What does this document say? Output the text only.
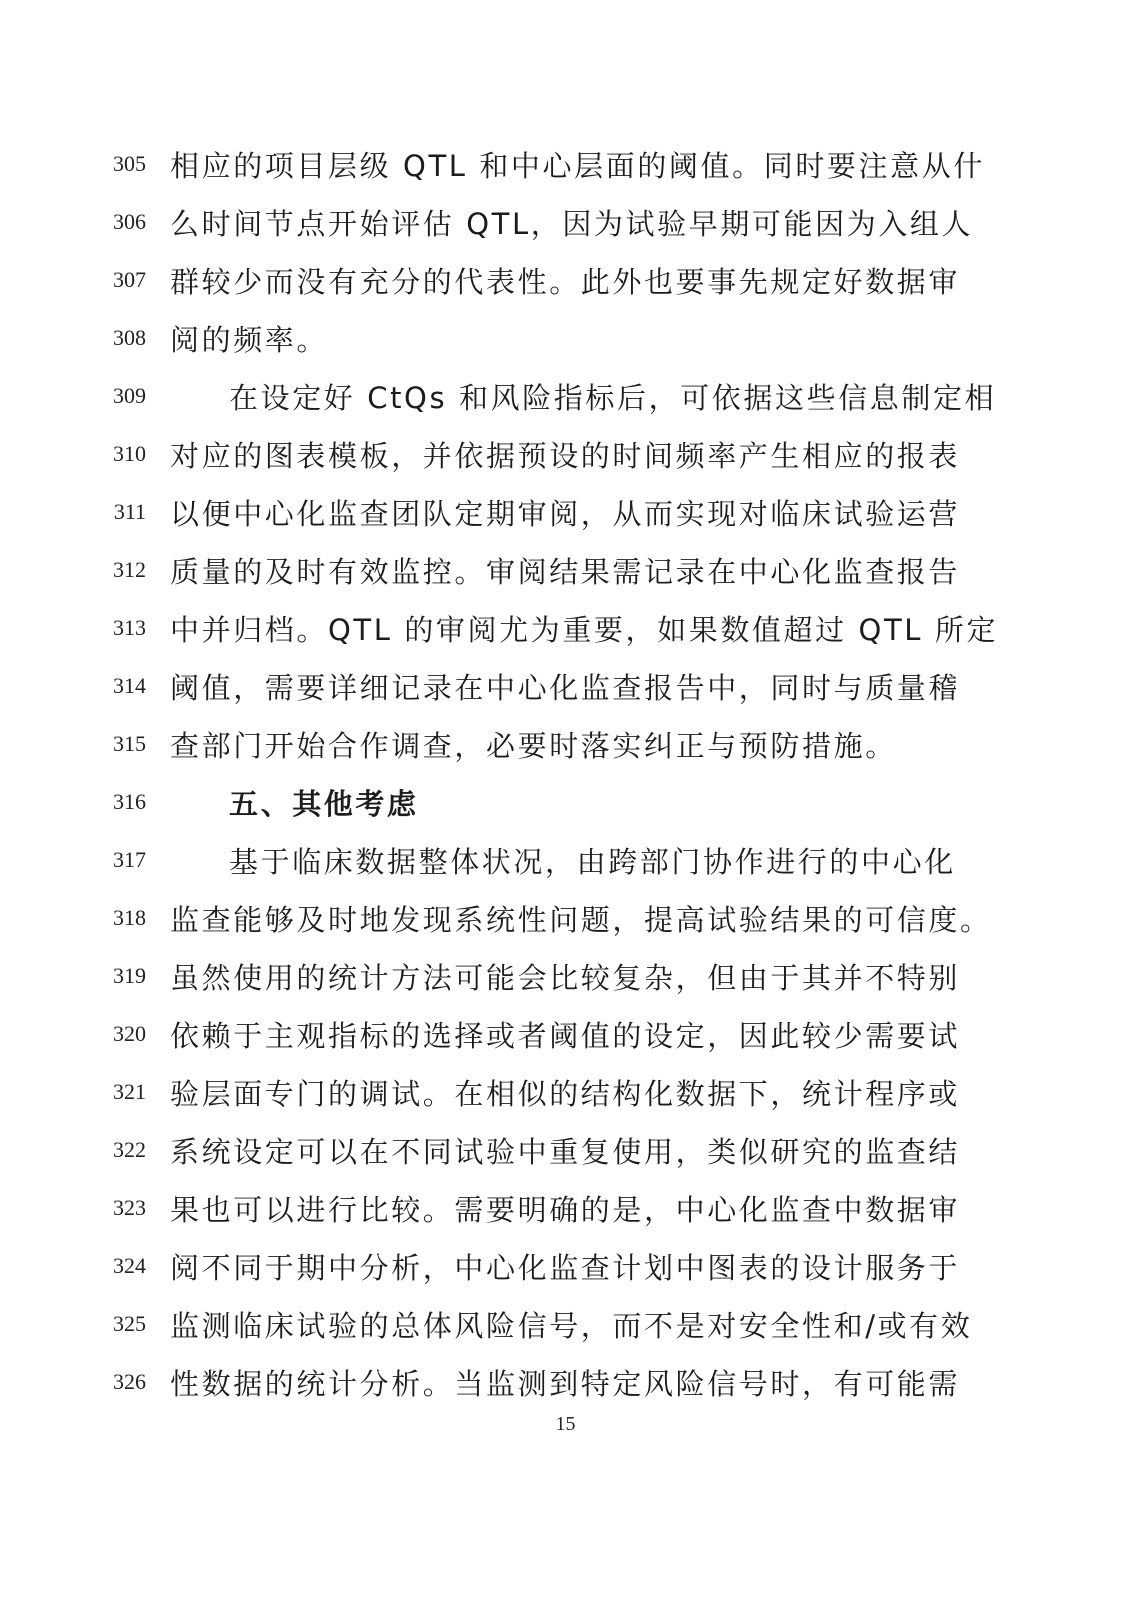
305 相应的项目层级 QTL 和中心层面的阈值。同时要注意从什
306 么时间节点开始评估 QTL，因为试验早期可能因为入组人
307 群较少而没有充分的代表性。此外也要事先规定好数据审
308 阅的频率。
309	在设定好 CtQs 和风险指标后，可依据这些信息制定相
310 对应的图表模板，并依据预设的时间频率产生相应的报表
311 以便中心化监查团队定期审阅，从而实现对临床试验运营
312 质量的及时有效监控。审阅结果需记录在中心化监查报告
313 中并归档。QTL 的审阅尤为重要，如果数值超过 QTL 所定
314 阈值，需要详细记录在中心化监查报告中，同时与质量稽
315 查部门开始合作调查，必要时落实纠正与预防措施。
316	五、其他考虑
317	基于临床数据整体状况，由跨部门协作进行的中心化
318 监查能够及时地发现系统性问题，提高试验结果的可信度。
319 虽然使用的统计方法可能会比较复杂，但由于其并不特别
320 依赖于主观指标的选择或者阈值的设定，因此较少需要试
321 验层面专门的调试。在相似的结构化数据下，统计程序或
322 系统设定可以在不同试验中重复使用，类似研究的监查结
323 果也可以进行比较。需要明确的是，中心化监查中数据审
324 阅不同于期中分析，中心化监查计划中图表的设计服务于
325 监测临床试验的总体风险信号，而不是对安全性和/或有效
326 性数据的统计分析。当监测到特定风险信号时，有可能需
15
